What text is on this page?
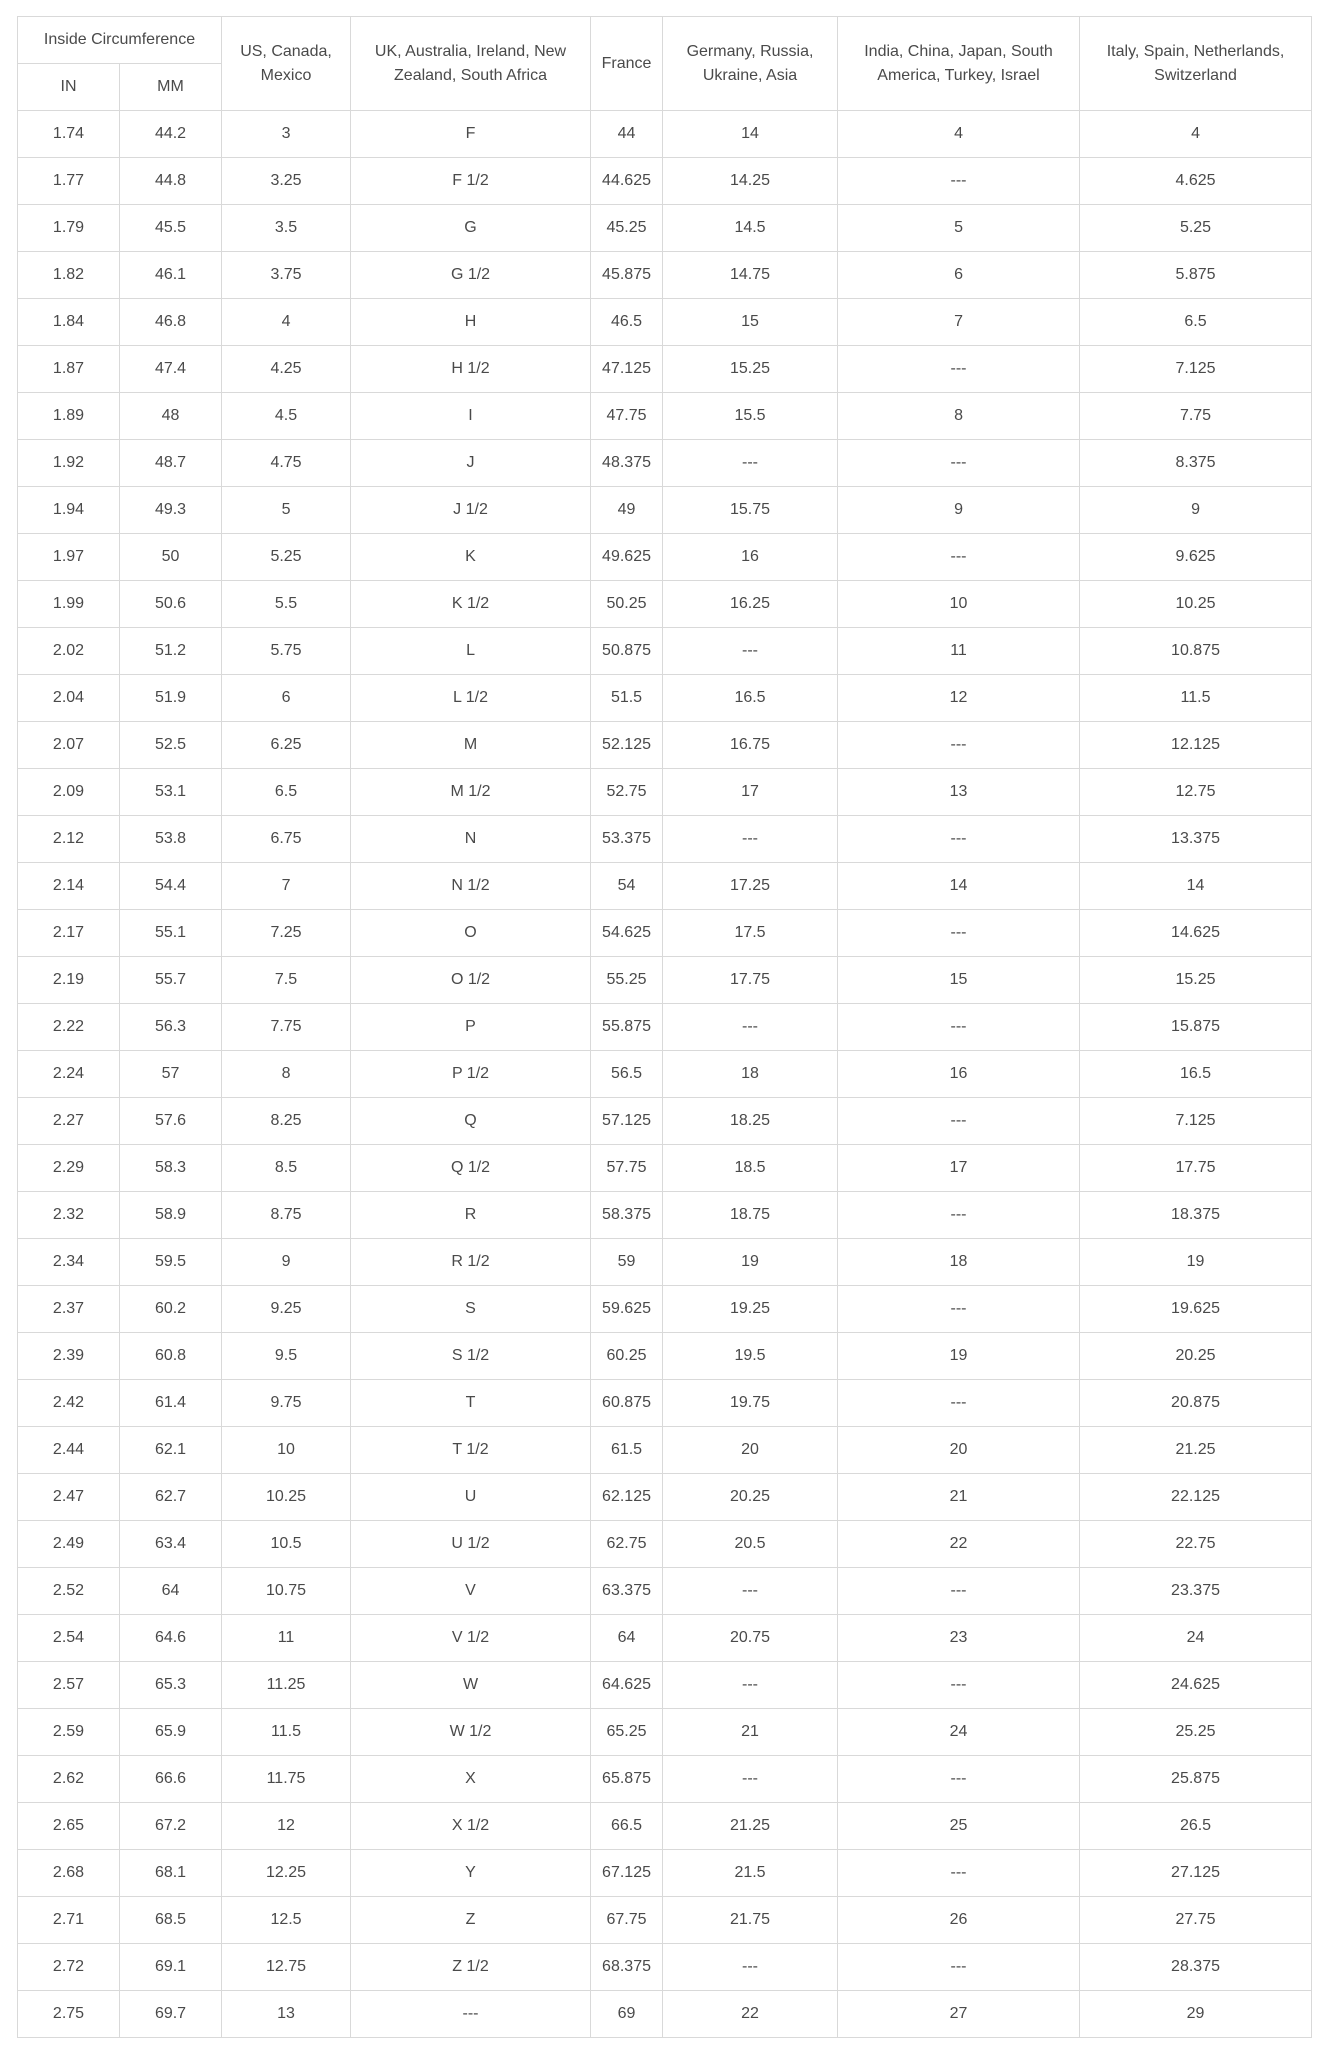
Inside Circumference		US, Canada, Mexico	UK, Australia, Ireland, New Zealand, South Africa	France	Germany, Russia, Ukraine, Asia	India, China, Japan, South America, Turkey, Israel	Italy, Spain, Netherlands, Switzerland
IN	MM						
1.74	44.2	3	F	44	14	4	4
1.77	44.8	3.25	F 1/2	44.625	14.25	---	4.625
1.79	45.5	3.5	G	45.25	14.5	5	5.25
1.82	46.1	3.75	G 1/2	45.875	14.75	6	5.875
1.84	46.8	4	H	46.5	15	7	6.5
1.87	47.4	4.25	H 1/2	47.125	15.25	---	7.125
1.89	48	4.5	I	47.75	15.5	8	7.75
1.92	48.7	4.75	J	48.375	---	---	8.375
1.94	49.3	5	J 1/2	49	15.75	9	9
1.97	50	5.25	K	49.625	16	---	9.625
1.99	50.6	5.5	K 1/2	50.25	16.25	10	10.25
2.02	51.2	5.75	L	50.875	---	11	10.875
2.04	51.9	6	L 1/2	51.5	16.5	12	11.5
2.07	52.5	6.25	M	52.125	16.75	---	12.125
2.09	53.1	6.5	M 1/2	52.75	17	13	12.75
2.12	53.8	6.75	N	53.375	---	---	13.375
2.14	54.4	7	N 1/2	54	17.25	14	14
2.17	55.1	7.25	O	54.625	17.5	---	14.625
2.19	55.7	7.5	O 1/2	55.25	17.75	15	15.25
2.22	56.3	7.75	P	55.875	---	---	15.875
2.24	57	8	P 1/2	56.5	18	16	16.5
2.27	57.6	8.25	Q	57.125	18.25	---	7.125
2.29	58.3	8.5	Q 1/2	57.75	18.5	17	17.75
2.32	58.9	8.75	R	58.375	18.75	---	18.375
2.34	59.5	9	R 1/2	59	19	18	19
2.37	60.2	9.25	S	59.625	19.25	---	19.625
2.39	60.8	9.5	S 1/2	60.25	19.5	19	20.25
2.42	61.4	9.75	T	60.875	19.75	---	20.875
2.44	62.1	10	T 1/2	61.5	20	20	21.25
2.47	62.7	10.25	U	62.125	20.25	21	22.125
2.49	63.4	10.5	U 1/2	62.75	20.5	22	22.75
2.52	64	10.75	V	63.375	---	---	23.375
2.54	64.6	11	V 1/2	64	20.75	23	24
2.57	65.3	11.25	W	64.625	---	---	24.625
2.59	65.9	11.5	W 1/2	65.25	21	24	25.25
2.62	66.6	11.75	X	65.875	---	---	25.875
2.65	67.2	12	X 1/2	66.5	21.25	25	26.5
2.68	68.1	12.25	Y	67.125	21.5	---	27.125
2.71	68.5	12.5	Z	67.75	21.75	26	27.75
2.72	69.1	12.75	Z 1/2	68.375	---	---	28.375
2.75	69.7	13	---	69	22	27	29
